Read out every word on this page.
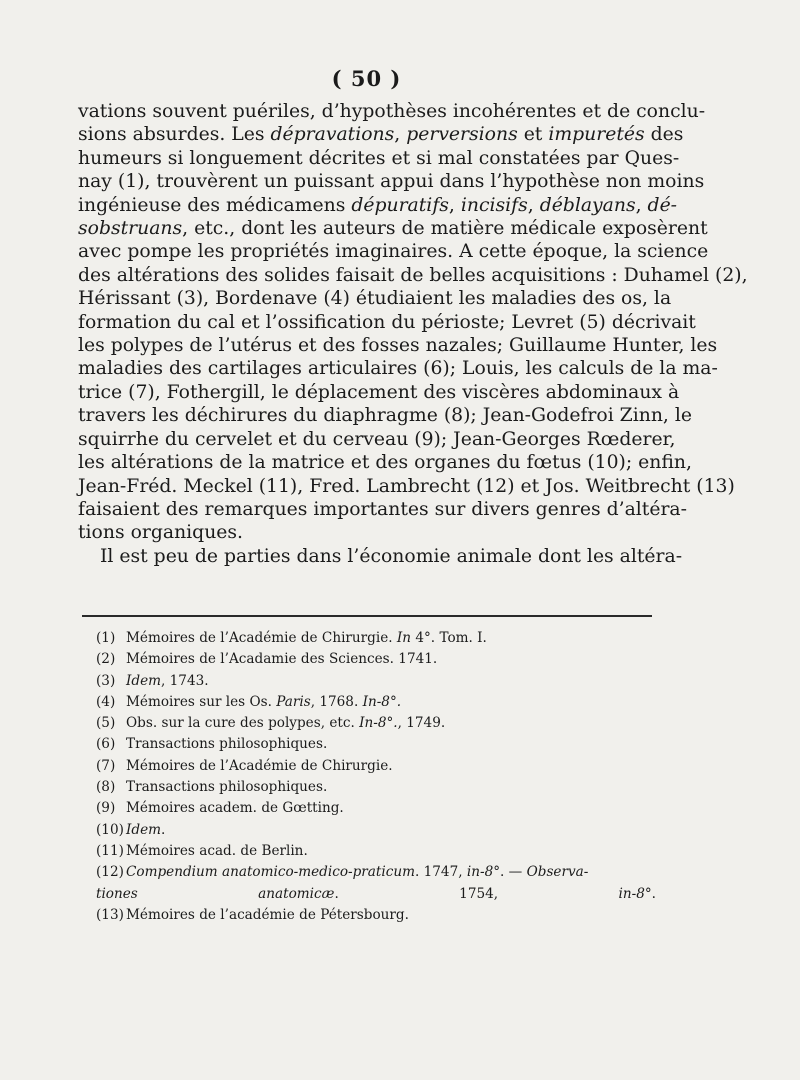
( 50 )
vations souvent puériles, d’hypothèses incohérentes et de conclu-
sions absurdes. Les dépravations, perversions et impuretés des
humeurs si longuement décrites et si mal constatées par Ques-
nay (1), trouvèrent un puissant appui dans l’hypothèse non moins
ingénieuse des médicamens dépuratifs, incisifs, déblayans, dé-
sobstruans, etc., dont les auteurs de matière médicale exposèrent
avec pompe les propriétés imaginaires. A cette époque, la science
des altérations des solides faisait de belles acquisitions : Duhamel (2),
Hérissant (3), Bordenave (4) étudiaient les maladies des os, la
formation du cal et l’ossification du périoste; Levret (5) décrivait
les polypes de l’utérus et des fosses nazales; Guillaume Hunter, les
maladies des cartilages articulaires (6); Louis, les calculs de la ma-
trice (7), Fothergill, le déplacement des viscères abdominaux à
travers les déchirures du diaphragme (8); Jean-Godefroi Zinn, le
squirrhe du cervelet et du cerveau (9); Jean-Georges Rœderer,
les altérations de la matrice et des organes du fœtus (10); enfin,
Jean-Fréd. Meckel (11), Fred. Lambrecht (12) et Jos. Weitbrecht (13)
faisaient des remarques importantes sur divers genres d’altéra-
tions organiques.
Il est peu de parties dans l’économie animale dont les altéra-
(1) Mémoires de l’Académie de Chirurgie. In 4°. Tom. I.
(2) Mémoires de l’Acadamie des Sciences. 1741.
(3) Idem, 1743.
(4) Mémoires sur les Os. Paris, 1768. In-8°.
(5) Obs. sur la cure des polypes, etc. In-8°., 1749.
(6) Transactions philosophiques.
(7) Mémoires de l’Académie de Chirurgie.
(8) Transactions philosophiques.
(9) Mémoires academ. de Gœtting.
(10) Idem.
(11) Mémoires acad. de Berlin.
(12) Compendium anatomico-medico-praticum. 1747, in-8°. — Observa-
tiones anatomicæ. 1754, in-8°.
(13) Mémoires de l’académie de Pétersbourg.
